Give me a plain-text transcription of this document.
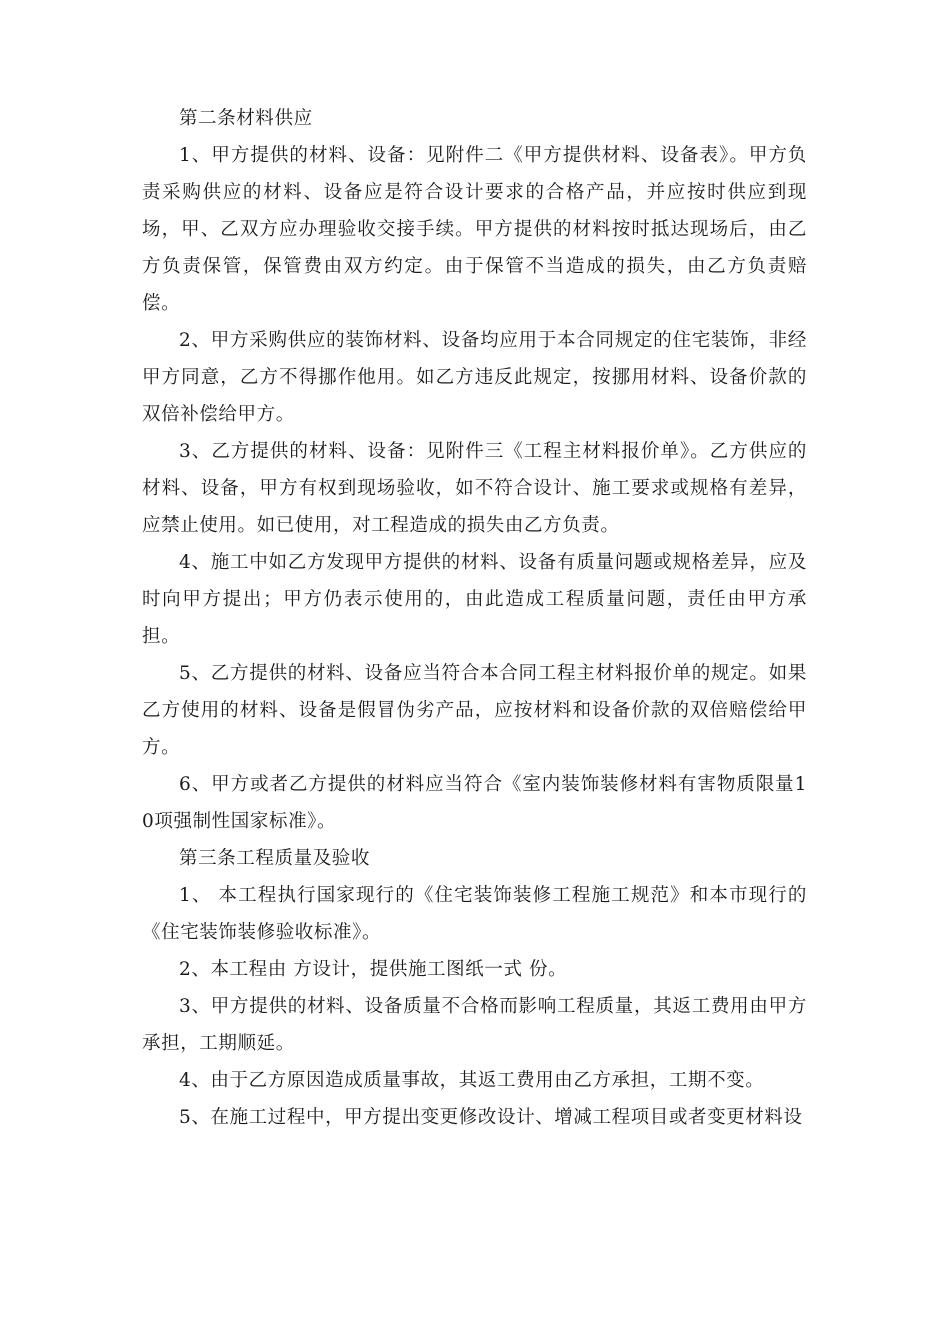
第二条材料供应

1、甲方提供的材料、设备：见附件二《甲方提供材料、设备表》。甲方负责采购供应的材料、设备应是符合设计要求的合格产品，并应按时供应到现场，甲、乙双方应办理验收交接手续。甲方提供的材料按时抵达现场后，由乙方负责保管，保管费由双方约定。由于保管不当造成的损失，由乙方负责赔偿。

2、甲方采购供应的装饰材料、设备均应用于本合同规定的住宅装饰，非经甲方同意，乙方不得挪作他用。如乙方违反此规定，按挪用材料、设备价款的双倍补偿给甲方。

3、乙方提供的材料、设备：见附件三《工程主材料报价单》。乙方供应的材料、设备，甲方有权到现场验收，如不符合设计、施工要求或规格有差异，应禁止使用。如已使用，对工程造成的损失由乙方负责。

4、施工中如乙方发现甲方提供的材料、设备有质量问题或规格差异，应及时向甲方提出；甲方仍表示使用的，由此造成工程质量问题，责任由甲方承担。

5、乙方提供的材料、设备应当符合本合同工程主材料报价单的规定。如果乙方使用的材料、设备是假冒伪劣产品，应按材料和设备价款的双倍赔偿给甲方。

6、甲方或者乙方提供的材料应当符合《室内装饰装修材料有害物质限量10项强制性国家标准》。

第三条工程质量及验收

1、 本工程执行国家现行的《住宅装饰装修工程施工规范》和本市现行的《住宅装饰装修验收标准》。

2、本工程由 方设计，提供施工图纸一式 份。

3、甲方提供的材料、设备质量不合格而影响工程质量，其返工费用由甲方承担，工期顺延。

4、由于乙方原因造成质量事故，其返工费用由乙方承担，工期不变。

5、在施工过程中，甲方提出变更修改设计、增减工程项目或者变更材料设
